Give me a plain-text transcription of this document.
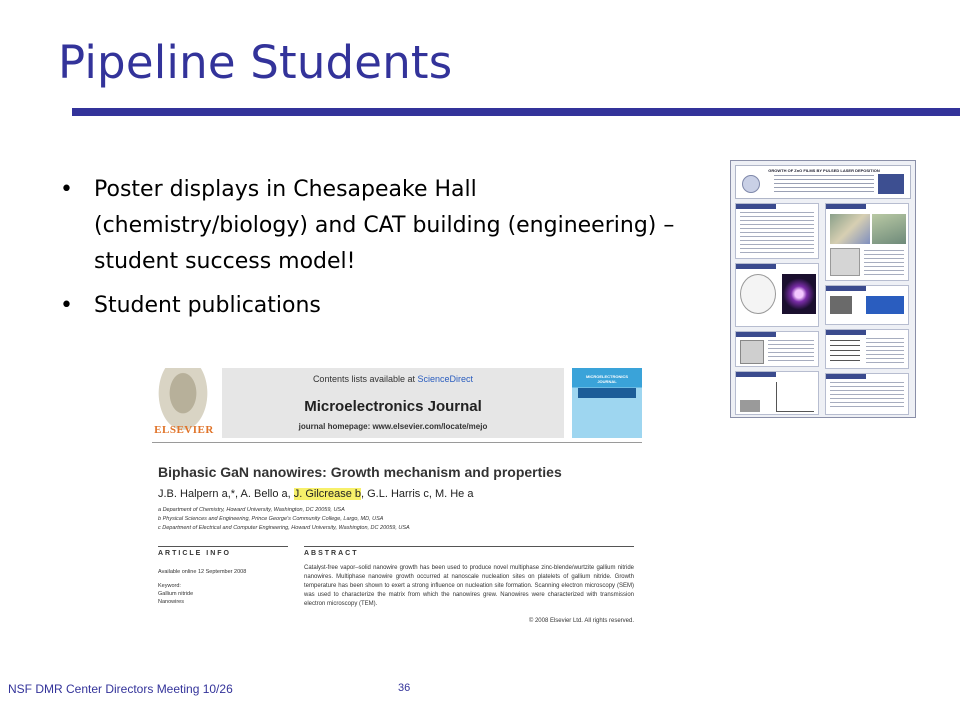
Pipeline Students
• Poster displays in Chesapeake Hall (chemistry/biology) and CAT building (engineering) – student success model!
• Student publications
GROWTH OF ZnO FILMS BY PULSED LASER DEPOSITION
ELSEVIER
Contents lists available at ScienceDirect
Microelectronics Journal
journal homepage: www.elsevier.com/locate/mejo
MICROELECTRONICS JOURNAL
Biphasic GaN nanowires: Growth mechanism and properties
J.B. Halpern a,*, A. Bello a, J. Gilcrease b, G.L. Harris c, M. He a
a Department of Chemistry, Howard University, Washington, DC 20059, USA
b Physical Sciences and Engineering, Prince George's Community College, Largo, MD, USA
c Department of Electrical and Computer Engineering, Howard University, Washington, DC 20059, USA
ARTICLE INFO	ABSTRACT
Available online 12 September 2008
Keyword:
Gallium nitride
Nanowires
Catalyst-free vapor–solid nanowire growth has been used to produce novel multiphase zinc-blende/wurtzite gallium nitride nanowires. Multiphase nanowire growth occurred at nanoscale nucleation sites on platelets of gallium nitride. Growth temperature has been shown to exert a strong influence on nucleation site formation. Scanning electron microscopy (SEM) was used to characterize the matrix from which the nanowires grew. Nanowires were characterized with transmission electron microscopy (TEM).
© 2008 Elsevier Ltd. All rights reserved.
NSF DMR Center Directors Meeting 10/26	36
